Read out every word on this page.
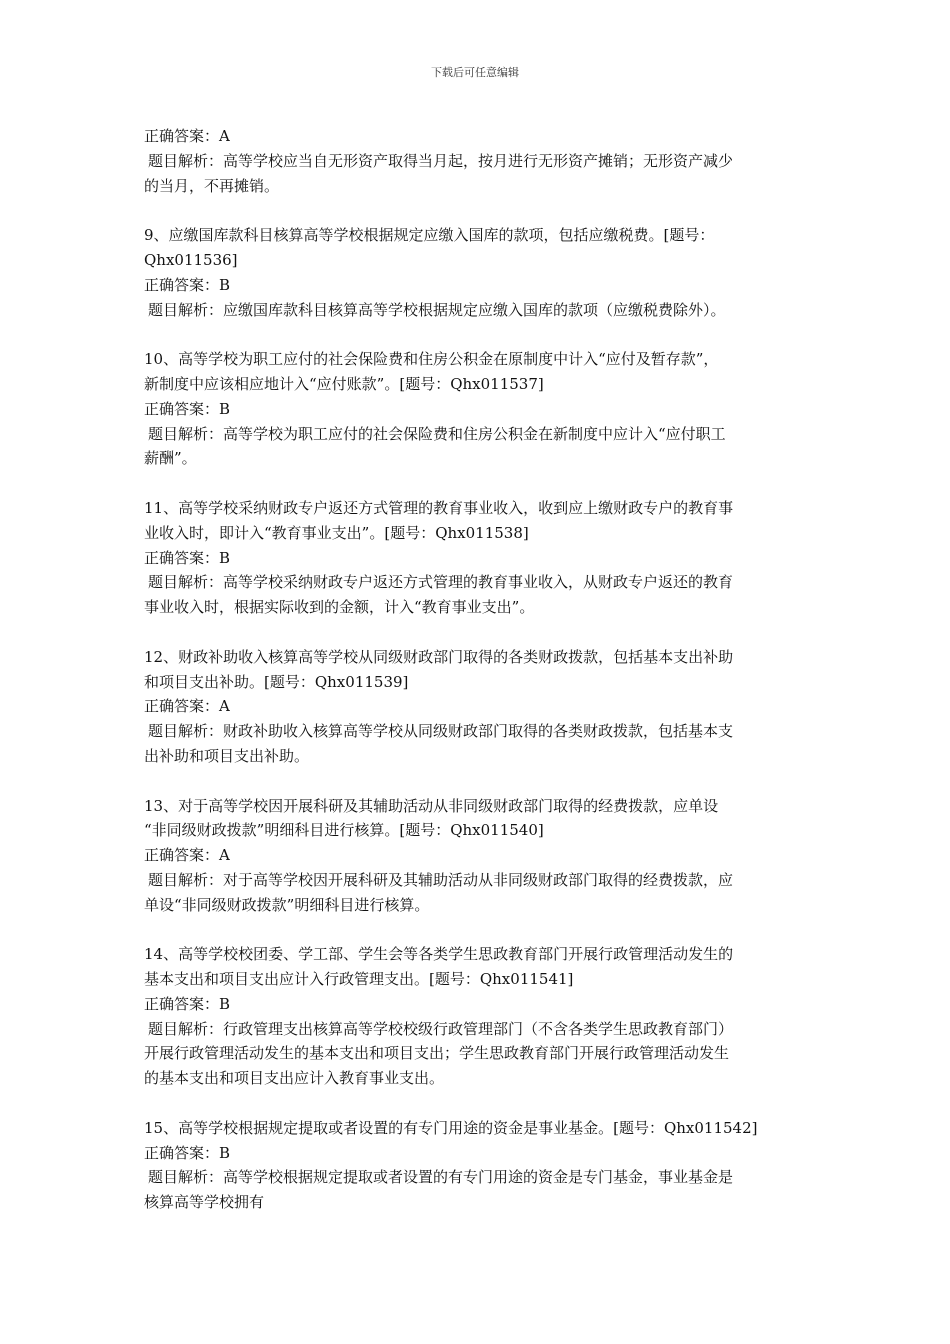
下载后可任意编辑
正确答案：A
题目解析：高等学校应当自无形资产取得当月起，按月进行无形资产摊销；无形资产减少
的当月，不再摊销。
9、应缴国库款科目核算高等学校根据规定应缴入国库的款项，包括应缴税费。[题号：
Qhx011536]
正确答案：B
题目解析：应缴国库款科目核算高等学校根据规定应缴入国库的款项（应缴税费除外）。
10、高等学校为职工应付的社会保险费和住房公积金在原制度中计入“应付及暂存款”，
新制度中应该相应地计入“应付账款”。[题号：Qhx011537]
正确答案：B
题目解析：高等学校为职工应付的社会保险费和住房公积金在新制度中应计入“应付职工
薪酬”。
11、高等学校采纳财政专户返还方式管理的教育事业收入，收到应上缴财政专户的教育事
业收入时，即计入“教育事业支出”。[题号：Qhx011538]
正确答案：B
题目解析：高等学校采纳财政专户返还方式管理的教育事业收入，从财政专户返还的教育
事业收入时，根据实际收到的金额，计入“教育事业支出”。
12、财政补助收入核算高等学校从同级财政部门取得的各类财政拨款，包括基本支出补助
和项目支出补助。[题号：Qhx011539]
正确答案：A
题目解析：财政补助收入核算高等学校从同级财政部门取得的各类财政拨款，包括基本支
出补助和项目支出补助。
13、对于高等学校因开展科研及其辅助活动从非同级财政部门取得的经费拨款，应单设
“非同级财政拨款”明细科目进行核算。[题号：Qhx011540]
正确答案：A
题目解析：对于高等学校因开展科研及其辅助活动从非同级财政部门取得的经费拨款，应
单设“非同级财政拨款”明细科目进行核算。
14、高等学校校团委、学工部、学生会等各类学生思政教育部门开展行政管理活动发生的
基本支出和项目支出应计入行政管理支出。[题号：Qhx011541]
正确答案：B
题目解析：行政管理支出核算高等学校校级行政管理部门（不含各类学生思政教育部门）
开展行政管理活动发生的基本支出和项目支出；学生思政教育部门开展行政管理活动发生
的基本支出和项目支出应计入教育事业支出。
15、高等学校根据规定提取或者设置的有专门用途的资金是事业基金。[题号：Qhx011542]
正确答案：B
题目解析：高等学校根据规定提取或者设置的有专门用途的资金是专门基金，事业基金是
核算高等学校拥有
